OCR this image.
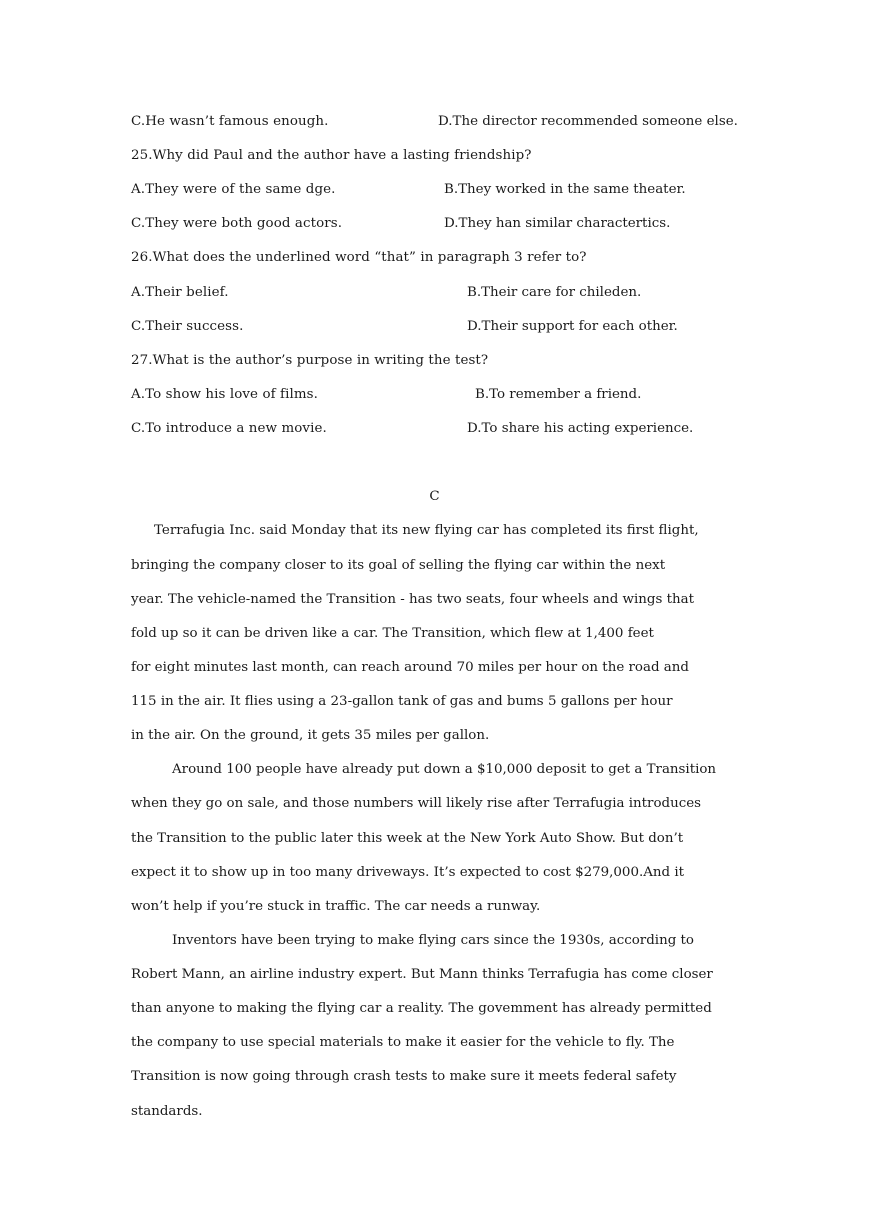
C.He wasn’t famous enough.	D.The director recommended someone else.
25.Why did Paul and the author have a lasting friendship?
A.They were of the same dge.	B.They worked in the same theater.
C.They were both good actors.	D.They han similar charactertics.
26.What does the underlined word “that” in paragraph 3 refer to?
A.Their belief.	B.Their care for chileden.
C.Their success.	D.Their support for each other.
27.What is the author’s purpose in writing the test?
A.To show his love of films.	B.To remember a friend.
C.To introduce a new movie.	D.To share his acting experience.
C
Terrafugia Inc. said Monday that its new flying car has completed its first flight,
bringing the company closer to its goal of selling the flying car within the next
year. The vehicle-named the Transition - has two seats, four wheels and wings that
fold up so it can be driven like a car. The Transition, which flew at 1,400 feet
for eight minutes last month, can reach around 70 miles per hour on the road and
115 in the air. It flies using a 23-gallon tank of gas and bums 5 gallons per hour
in the air. On the ground, it gets 35 miles per gallon.
Around 100 people have already put down a $10,000 deposit to get a Transition
when they go on sale, and those numbers will likely rise after Terrafugia introduces
the Transition to the public later this week at the New York Auto Show. But don’t
expect it to show up in too many driveways. It’s expected to cost $279,000.And it
won’t help if you’re stuck in traffic. The car needs a runway.
Inventors have been trying to make flying cars since the 1930s, according to
Robert Mann, an airline industry expert. But Mann thinks Terrafugia has come closer
than anyone to making the flying car a reality. The govemment has already permitted
the company to use special materials to make it easier for the vehicle to fly. The
Transition is now going through crash tests to make sure it meets federal safety
standards.
